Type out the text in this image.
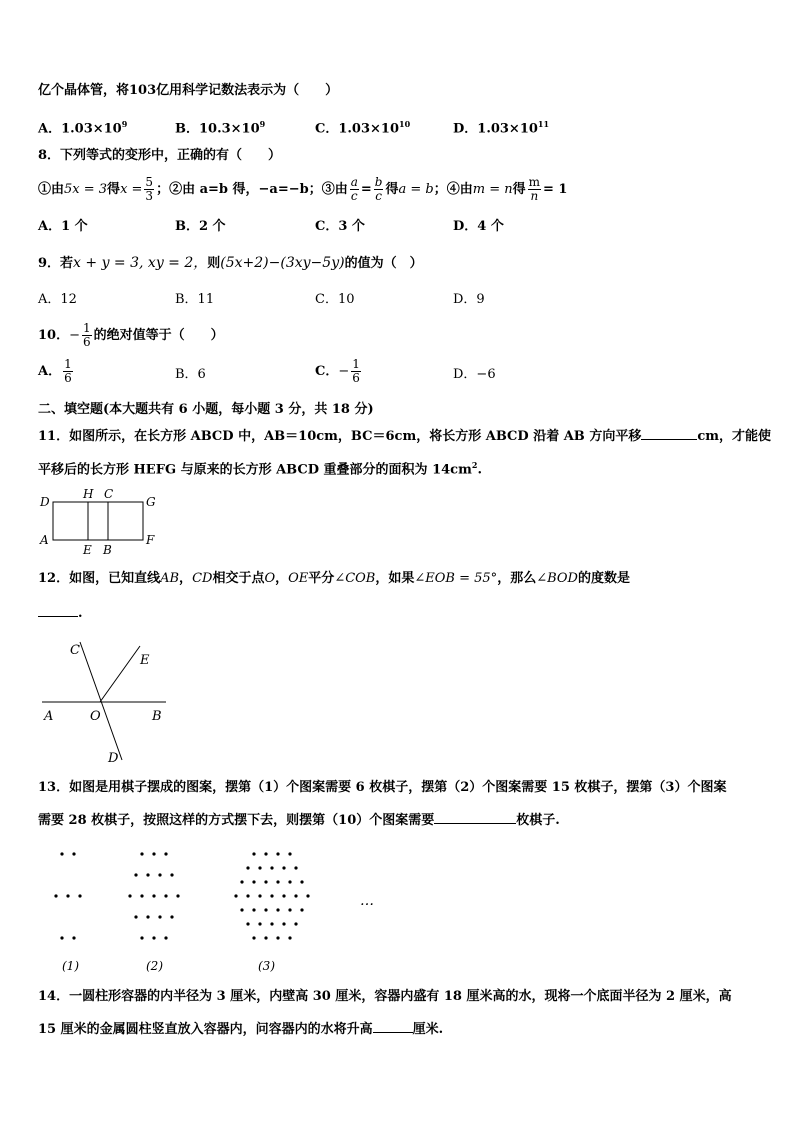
亿个晶体管，将103亿用科学记数法表示为（　　）
A．$1.03\times 10^9$	B．$10.3\times 10^9$	C．$1.03\times 10^{10}$	D．$1.03\times 10^{11}$
8．下列等式的变形中，正确的有（　　）
①由5x = 3得$x = \frac{5}{3}$ ；②由 a=b 得，−a=−b；③由 $\frac{a}{c} = \frac{b}{c}$ 得a = b；④由m = n得 $\frac{m}{n} = 1$
A．1 个	B．2 个	C．3 个	D．4 个
9．若x + y = 3, xy = 2，则(5x+2)−(3xy−5y)的值为（　）
A．12	B．11	C．10	D．9
10．− $\frac{1}{6}$ 的绝对值等于（　　）
A． $\frac{1}{6}$	B．6	C．− $\frac{1}{6}$	D．−6
二、填空题(本大题共有 6 小题，每小题 3 分，共 18 分)
11．如图所示，在长方形 ABCD 中，AB＝10cm，BC＝6cm，将长方形 ABCD 沿着 AB 方向平移	cm，才能使
平移后的长方形 HEFG 与原来的长方形 ABCD 重叠部分的面积为 $14cm^2$.
D
H C
G
A
E B
F
12．如图，已知直线AB，CD相交于点O，OE平分∠COB，如果∠EOB = 55°，那么∠BOD的度数是
.
C
E
A	O	B
D
13．如图是用棋子摆成的图案，摆第（1）个图案需要 6 枚棋子，摆第（2）个图案需要 15 枚棋子，摆第（3）个图案
需要 28 枚棋子，按照这样的方式摆下去，则摆第（10）个图案需要	枚棋子.
(1)	(2)	(3)
…
14．一圆柱形容器的内半径为 3 厘米，内壁高 30 厘米，容器内盛有 18 厘米高的水，现将一个底面半径为 2 厘米，高
15 厘米的金属圆柱竖直放入容器内，问容器内的水将升高	厘米.
